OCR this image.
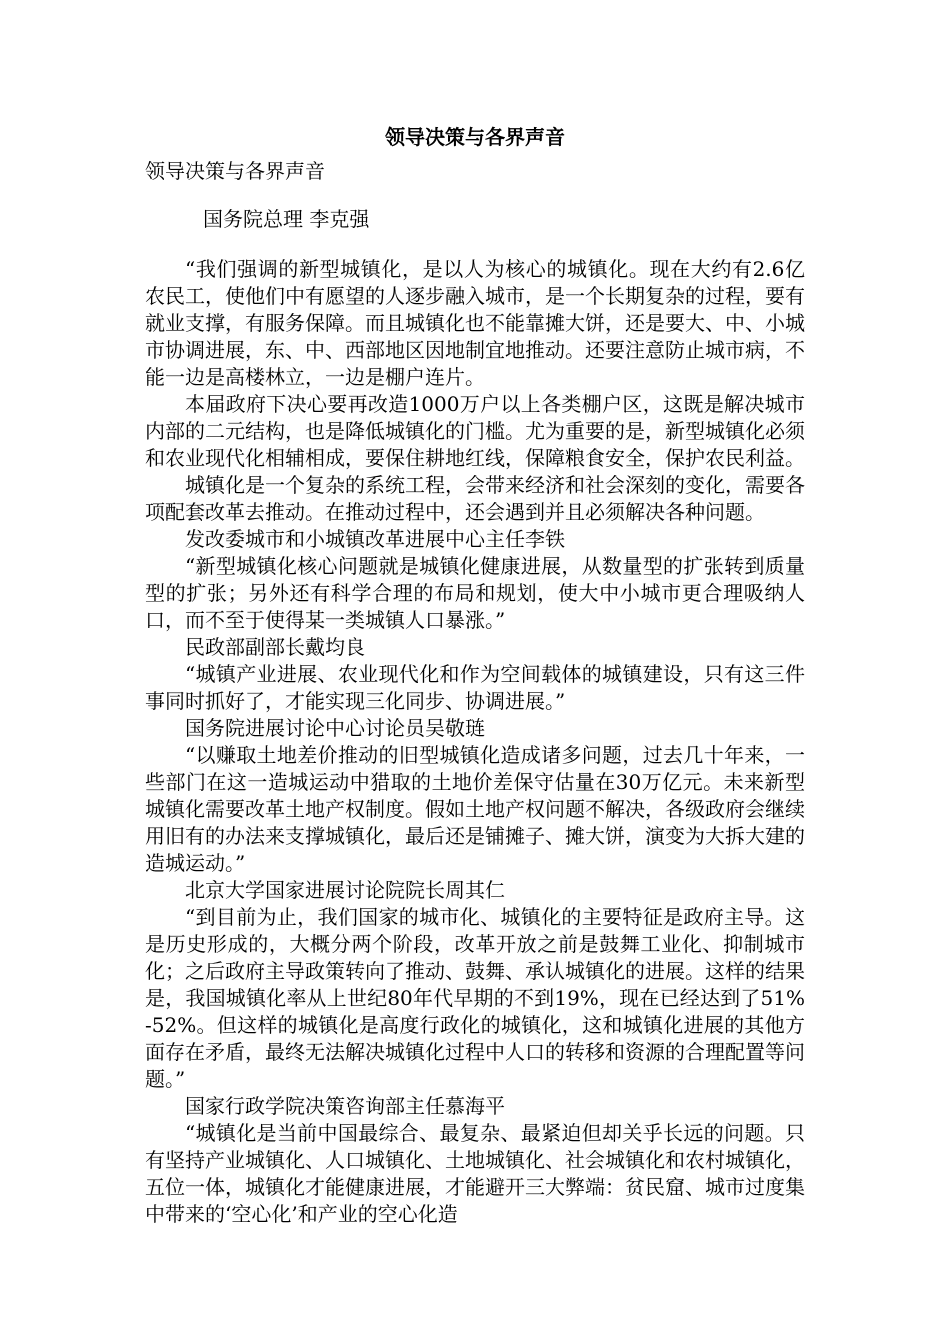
领导决策与各界声音
领导决策与各界声音
国务院总理 李克强

“我们强调的新型城镇化，是以人为核心的城镇化。现在大约有2.6亿农民工，使他们中有愿望的人逐步融入城市，是一个长期复杂的过程，要有就业支撑，有服务保障。而且城镇化也不能靠摊大饼，还是要大、中、小城市协调进展，东、中、西部地区因地制宜地推动。还要注意防止城市病，不能一边是高楼林立，一边是棚户连片。

本届政府下决心要再改造1000万户以上各类棚户区，这既是解决城市内部的二元结构，也是降低城镇化的门槛。尤为重要的是，新型城镇化必须和农业现代化相辅相成，要保住耕地红线，保障粮食安全，保护农民利益。

城镇化是一个复杂的系统工程，会带来经济和社会深刻的变化，需要各项配套改革去推动。在推动过程中，还会遇到并且必须解决各种问题。

发改委城市和小城镇改革进展中心主任李铁

“新型城镇化核心问题就是城镇化健康进展，从数量型的扩张转到质量型的扩张；另外还有科学合理的布局和规划，使大中小城市更合理吸纳人口，而不至于使得某一类城镇人口暴涨。”

民政部副部长戴均良

“城镇产业进展、农业现代化和作为空间载体的城镇建设，只有这三件事同时抓好了，才能实现三化同步、协调进展。”

国务院进展讨论中心讨论员吴敬琏

“以赚取土地差价推动的旧型城镇化造成诸多问题，过去几十年来，一些部门在这一造城运动中猎取的土地价差保守估量在30万亿元。未来新型城镇化需要改革土地产权制度。假如土地产权问题不解决，各级政府会继续用旧有的办法来支撑城镇化，最后还是铺摊子、摊大饼，演变为大拆大建的造城运动。”

北京大学国家进展讨论院院长周其仁

“到目前为止，我们国家的城市化、城镇化的主要特征是政府主导。这是历史形成的，大概分两个阶段，改革开放之前是鼓舞工业化、抑制城市化；之后政府主导政策转向了推动、鼓舞、承认城镇化的进展。这样的结果是，我国城镇化率从上世纪80年代早期的不到19%，现在已经达到了51%-52%。但这样的城镇化是高度行政化的城镇化，这和城镇化进展的其他方面存在矛盾，最终无法解决城镇化过程中人口的转移和资源的合理配置等问题。”

国家行政学院决策咨询部主任慕海平

“城镇化是当前中国最综合、最复杂、最紧迫但却关乎长远的问题。只有坚持产业城镇化、人口城镇化、土地城镇化、社会城镇化和农村城镇化，五位一体，城镇化才能健康进展，才能避开三大弊端：贫民窟、城市过度集中带来的‘空心化’和产业的空心化造
